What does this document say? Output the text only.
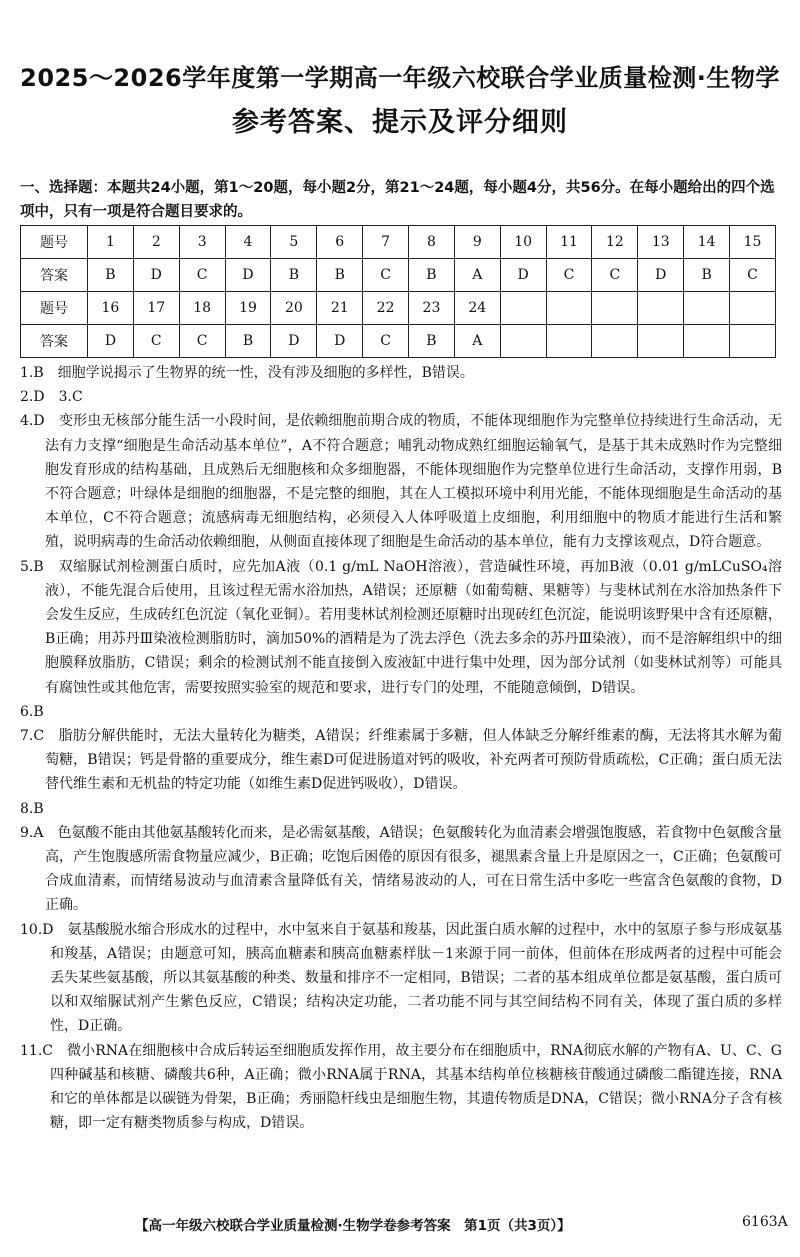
2025～2026学年度第一学期高一年级六校联合学业质量检测·生物学
参考答案、提示及评分细则
一、选择题：本题共24小题，第1～20题，每小题2分，第21～24题，每小题4分，共56分。在每小题给出的四个选项中，只有一项是符合题目要求的。
题号	1	2	3	4	5	6	7	8	9	10	11	12	13	14	15
答案	B	D	C	D	B	B	C	B	A	D	C	C	D	B	C
题号	16	17	18	19	20	21	22	23	24						
答案	D	C	C	B	D	D	C	B	A						

1.B　细胞学说揭示了生物界的统一性，没有涉及细胞的多样性，B错误。

2.D　3.C

4.D　变形虫无核部分能生活一小段时间，是依赖细胞前期合成的物质，不能体现细胞作为完整单位持续进行生命活动，无法有力支撑“细胞是生命活动基本单位”，A不符合题意；哺乳动物成熟红细胞运输氧气，是基于其未成熟时作为完整细胞发育形成的结构基础，且成熟后无细胞核和众多细胞器，不能体现细胞作为完整单位进行生命活动，支撑作用弱，B不符合题意；叶绿体是细胞的细胞器，不是完整的细胞，其在人工模拟环境中利用光能，不能体现细胞是生命活动的基本单位，C不符合题意；流感病毒无细胞结构，必须侵入人体呼吸道上皮细胞，利用细胞中的物质才能进行生活和繁殖，说明病毒的生命活动依赖细胞，从侧面直接体现了细胞是生命活动的基本单位，能有力支撑该观点，D符合题意。

5.B　双缩脲试剂检测蛋白质时，应先加A液（0.1 g/mL NaOH溶液），营造碱性环境，再加B液（0.01 g/mLCuSO₄溶液），不能先混合后使用，且该过程无需水浴加热，A错误；还原糖（如葡萄糖、果糖等）与斐林试剂在水浴加热条件下会发生反应，生成砖红色沉淀（氧化亚铜）。若用斐林试剂检测还原糖时出现砖红色沉淀，能说明该野果中含有还原糖，B正确；用苏丹Ⅲ染液检测脂肪时，滴加50%的酒精是为了洗去浮色（洗去多余的苏丹Ⅲ染液），而不是溶解组织中的细胞膜释放脂肪，C错误；剩余的检测试剂不能直接倒入废液缸中进行集中处理，因为部分试剂（如斐林试剂等）可能具有腐蚀性或其他危害，需要按照实验室的规范和要求，进行专门的处理，不能随意倾倒，D错误。

6.B

7.C　脂肪分解供能时，无法大量转化为糖类，A错误；纤维素属于多糖，但人体缺乏分解纤维素的酶，无法将其水解为葡萄糖，B错误；钙是骨骼的重要成分，维生素D可促进肠道对钙的吸收，补充两者可预防骨质疏松，C正确；蛋白质无法替代维生素和无机盐的特定功能（如维生素D促进钙吸收），D错误。

8.B

9.A　色氨酸不能由其他氨基酸转化而来，是必需氨基酸，A错误；色氨酸转化为血清素会增强饱腹感，若食物中色氨酸含量高，产生饱腹感所需食物量应减少，B正确；吃饱后困倦的原因有很多，褪黑素含量上升是原因之一，C正确；色氨酸可合成血清素，而情绪易波动与血清素含量降低有关，情绪易波动的人，可在日常生活中多吃一些富含色氨酸的食物，D正确。

10.D　氨基酸脱水缩合形成水的过程中，水中氢来自于氨基和羧基，因此蛋白质水解的过程中，水中的氢原子参与形成氨基和羧基，A错误；由题意可知，胰高血糖素和胰高血糖素样肽－1来源于同一前体，但前体在形成两者的过程中可能会丢失某些氨基酸，所以其氨基酸的种类、数量和排序不一定相同，B错误；二者的基本组成单位都是氨基酸，蛋白质可以和双缩脲试剂产生紫色反应，C错误；结构决定功能，二者功能不同与其空间结构不同有关，体现了蛋白质的多样性，D正确。

11.C　微小RNA在细胞核中合成后转运至细胞质发挥作用，故主要分布在细胞质中，RNA彻底水解的产物有A、U、C、G四种碱基和核糖、磷酸共6种，A正确；微小RNA属于RNA，其基本结构单位核糖核苷酸通过磷酸二酯键连接，RNA和它的单体都是以碳链为骨架，B正确；秀丽隐杆线虫是细胞生物，其遗传物质是DNA，C错误；微小RNA分子含有核糖，即一定有糖类物质参与构成，D错误。

【高一年级六校联合学业质量检测·生物学卷参考答案　第1页（共3页）】	6163A
